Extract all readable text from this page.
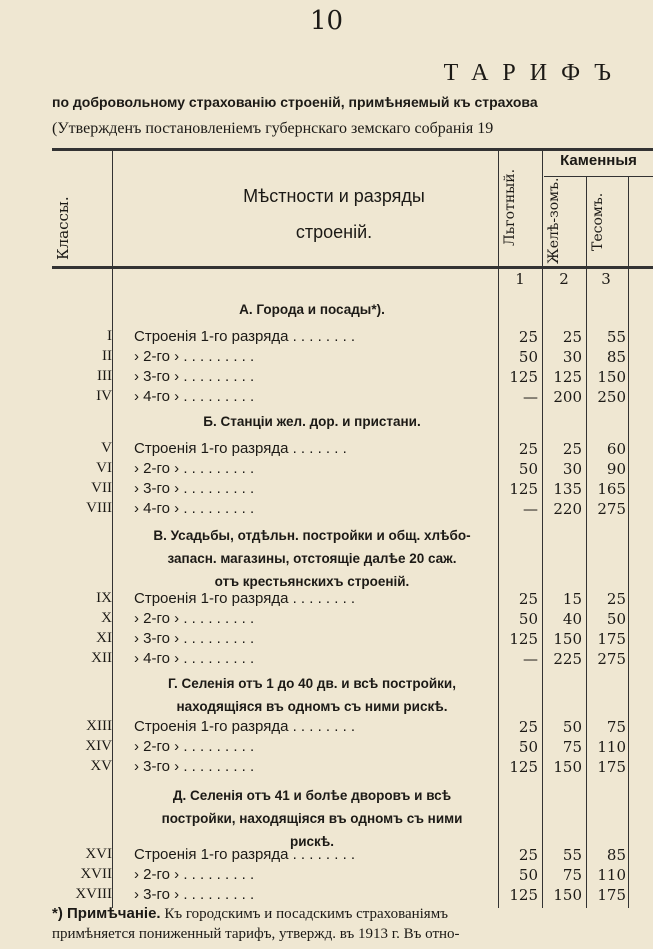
10
ТАРИФЪ
по добровольному страхованію строеній, примѣняемый къ страхова
(Утвержденъ постановленіемъ губернскаго земскаго собранія 19
Классы.
Мѣстности и разряды
строеній.	Льготный.
Каменныя
Желѣ-зомъ.	Тесомъ.
1	2	3
А. Города и посады*).
I Строенія 1-го разряда . . . . . . . .	25	25	55
II › 2-го › . . . . . . . . .	50	30	85
III › 3-го › . . . . . . . . .	125	125	150
IV › 4-го › . . . . . . . . .	—	200	250
Б. Станціи жел. дор. и пристани.
V Строенія 1-го разряда . . . . . . .	25	25	60
VI › 2-го › . . . . . . . . .	50	30	90
VII › 3-го › . . . . . . . . .	125	135	165
VIII › 4-го › . . . . . . . . .	—	220	275
В. Усадьбы, отдѣльн. постройки и общ. хлѣбо-
запасн. магазины, отстоящіе далѣе 20 саж.
отъ крестьянскихъ строеній.
IX Строенія 1-го разряда . . . . . . . .	25	15	25
X › 2-го › . . . . . . . . .	50	40	50
XI › 3-го › . . . . . . . . .	125	150	175
XII › 4-го › . . . . . . . . .	—	225	275
Г. Селенія отъ 1 до 40 дв. и всѣ постройки,
находящіяся въ одномъ съ ними рискѣ.
XIII Строенія 1-го разряда . . . . . . . .	25	50	75
XIV › 2-го › . . . . . . . . .	50	75	110
XV › 3-го › . . . . . . . . .	125	150	175
Д. Селенія отъ 41 и болѣе дворовъ и всѣ
постройки, находящіяся въ одномъ съ ними
рискѣ.
XVI Строенія 1-го разряда . . . . . . . .	25	55	85
XVII › 2-го › . . . . . . . . .	50	75	110
XVIII › 3-го › . . . . . . . . .	125	150	175
*) Примѣчаніе. Къ городскимъ и посадскимъ страхованіямъ
примѣняется пониженный тарифъ, утвержд. въ 1913 г. Въ отно-
